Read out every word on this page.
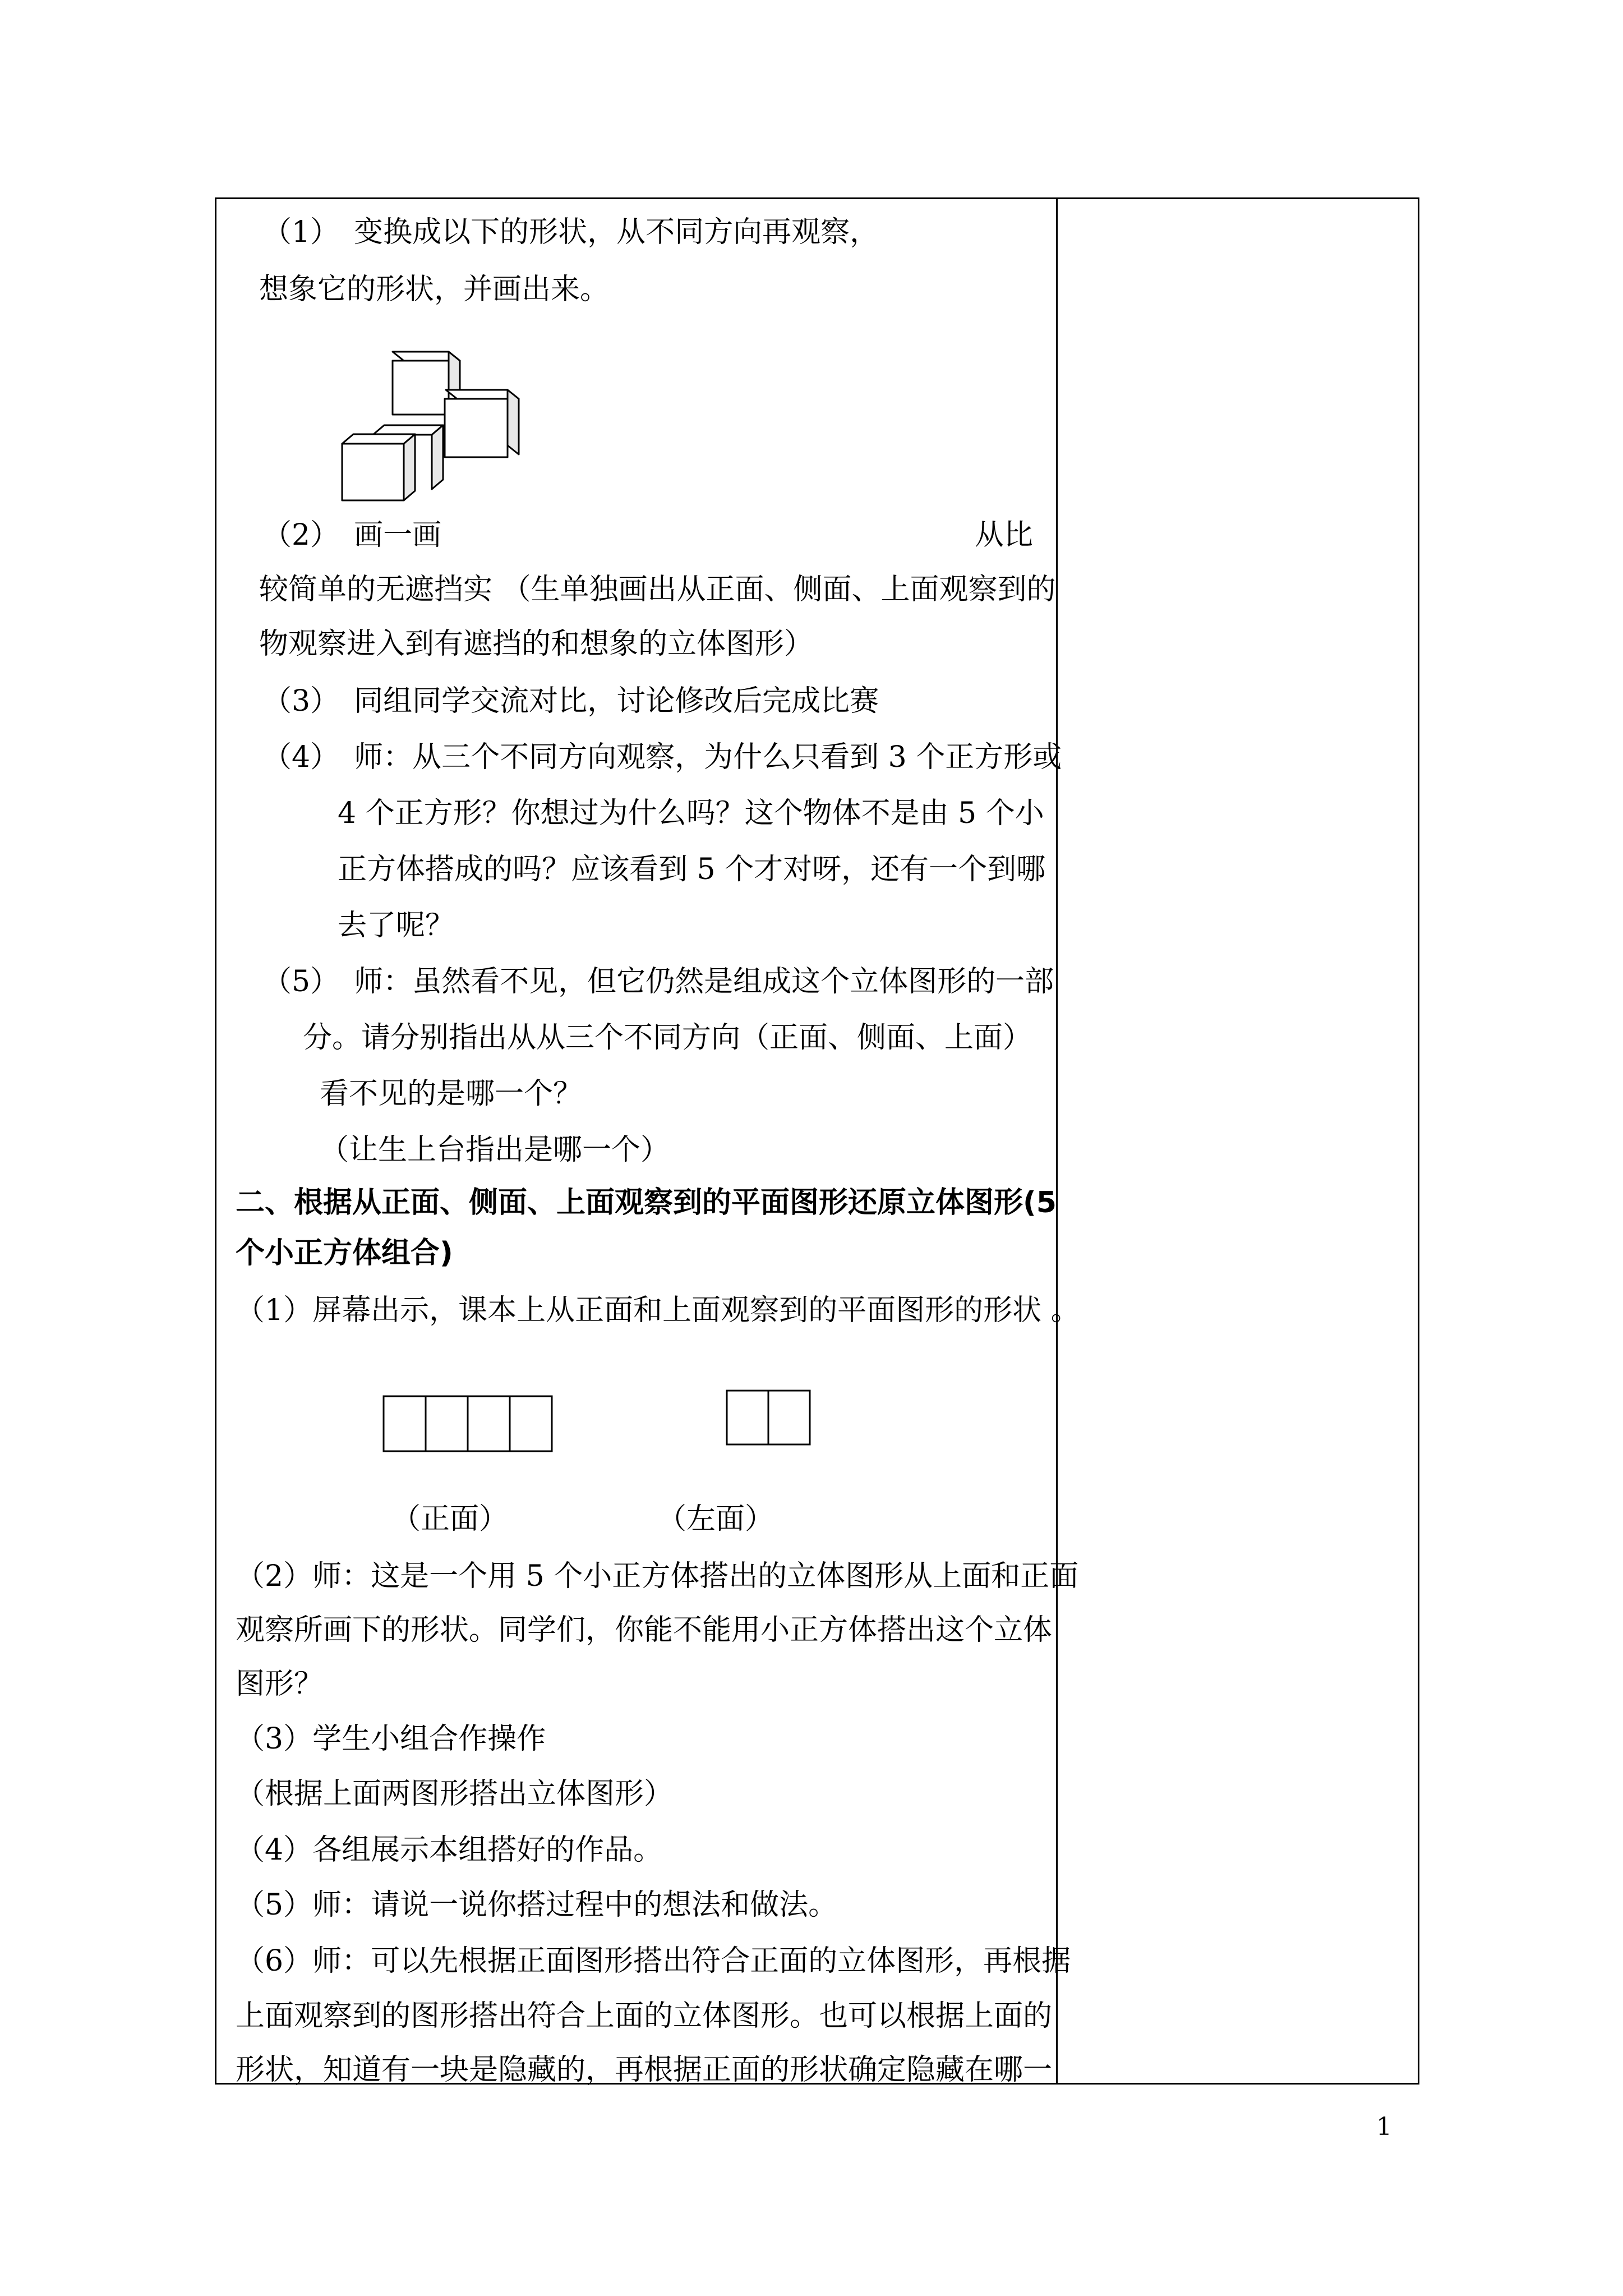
（1）　变换成以下的形状，从不同方向再观察，
想象它的形状，并画出来。
（2）　画一画	从比
较简单的无遮挡实 （生单独画出从正面、侧面、上面观察到的
物观察进入到有遮挡的和想象的立体图形）
（3）　同组同学交流对比，讨论修改后完成比赛
（4）　师：从三个不同方向观察，为什么只看到 3 个正方形或
4 个正方形？你想过为什么吗？这个物体不是由 5 个小
正方体搭成的吗？应该看到 5 个才对呀，还有一个到哪
去了呢？
（5）　师：虽然看不见，但它仍然是组成这个立体图形的一部
分。请分别指出从从三个不同方向（正面、侧面、上面）
看不见的是哪一个？
（让生上台指出是哪一个）
二、根据从正面、侧面、上面观察到的平面图形还原立体图形(5
个小正方体组合)
（1）屏幕出示，课本上从正面和上面观察到的平面图形的形状 。
（正面）	（左面）
（2）师：这是一个用 5 个小正方体搭出的立体图形从上面和正面
观察所画下的形状。同学们，你能不能用小正方体搭出这个立体
图形？
（3）学生小组合作操作
（根据上面两图形搭出立体图形）
（4）各组展示本组搭好的作品。
（5）师：请说一说你搭过程中的想法和做法。
（6）师：可以先根据正面图形搭出符合正面的立体图形，再根据
上面观察到的图形搭出符合上面的立体图形。也可以根据上面的
形状，知道有一块是隐藏的，再根据正面的形状确定隐藏在哪一
1
